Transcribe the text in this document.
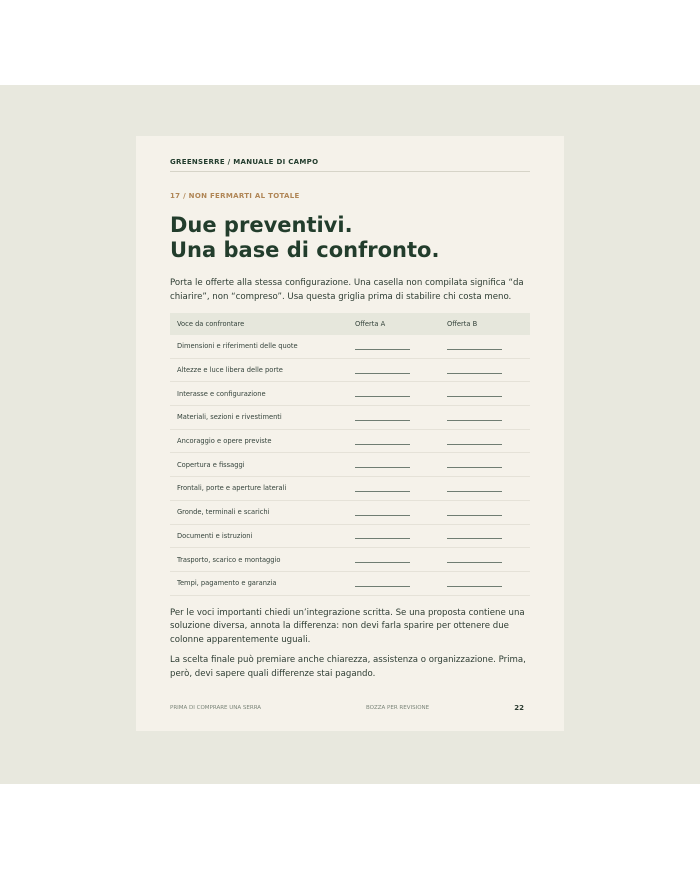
GREENSERRE / MANUALE DI CAMPO
17 / NON FERMARTI AL TOTALE
Due preventivi.
Una base di confronto.
Porta le offerte alla stessa configurazione. Una casella non compilata significa “da chiarire”, non “compreso”. Usa questa griglia prima di stabilire chi costa meno.
Voce da confrontare	Offerta A	Offerta B
Dimensioni e riferimenti delle quote		
Altezze e luce libera delle porte		
Interasse e configurazione		
Materiali, sezioni e rivestimenti		
Ancoraggio e opere previste		
Copertura e fissaggi		
Frontali, porte e aperture laterali		
Gronde, terminali e scarichi		
Documenti e istruzioni		
Trasporto, scarico e montaggio		
Tempi, pagamento e garanzia		
Per le voci importanti chiedi un’integrazione scritta. Se una proposta contiene una soluzione diversa, annota la differenza: non devi farla sparire per ottenere due colonne apparentemente uguali.
La scelta finale può premiare anche chiarezza, assistenza o organizzazione. Prima, però, devi sapere quali differenze stai pagando.
PRIMA DI COMPRARE UNA SERRA	BOZZA PER REVISIONE	22
